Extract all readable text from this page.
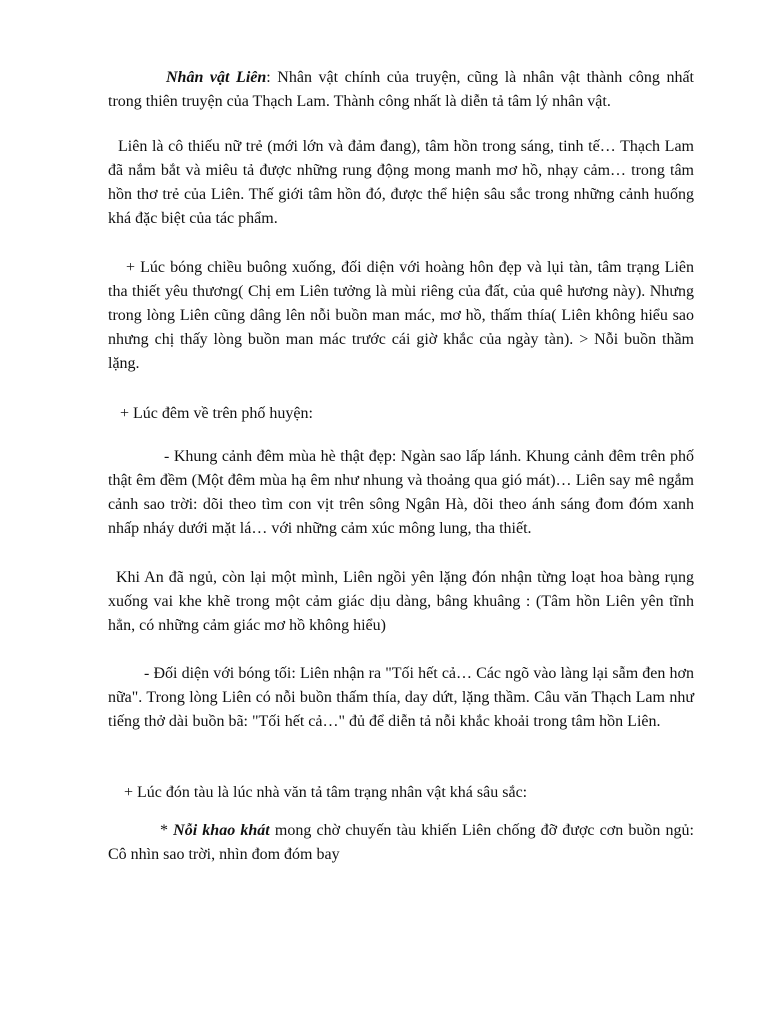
Nhân vật Liên: Nhân vật chính của truyện, cũng là nhân vật thành công nhất trong thiên truyện của Thạch Lam. Thành công nhất là diễn tả tâm lý nhân vật.

Liên là cô thiếu nữ trẻ (mới lớn và đảm đang), tâm hồn trong sáng, tinh tế… Thạch Lam đã nắm bắt và miêu tả được những rung động mong manh mơ hồ, nhạy cảm… trong tâm hồn thơ trẻ của Liên. Thế giới tâm hồn đó, được thể hiện sâu sắc trong những cảnh huống khá đặc biệt của tác phẩm.

+ Lúc bóng chiều buông xuống, đối diện với hoàng hôn đẹp và lụi tàn, tâm trạng Liên tha thiết yêu thương( Chị em Liên tưởng là mùi riêng của đất, của quê hương này). Nhưng trong lòng Liên cũng dâng lên nỗi buồn man mác, mơ hồ, thấm thía( Liên không hiểu sao nhưng chị thấy lòng buồn man mác trước cái giờ khắc của ngày tàn). > Nỗi buồn thầm lặng.

+ Lúc đêm về trên phố huyện:

- Khung cảnh đêm mùa hè thật đẹp: Ngàn sao lấp lánh. Khung cảnh đêm trên phố thật êm đềm (Một đêm mùa hạ êm như nhung và thoảng qua gió mát)… Liên say mê ngắm cảnh sao trời: dõi theo tìm con vịt trên sông Ngân Hà, dõi theo ánh sáng đom đóm xanh nhấp nháy dưới mặt lá… với những cảm xúc mông lung, tha thiết.

Khi An đã ngủ, còn lại một mình, Liên ngồi yên lặng đón nhận từng loạt hoa bàng rụng xuống vai khe khẽ trong một cảm giác dịu dàng, bâng khuâng : (Tâm hồn Liên yên tĩnh hẳn, có những cảm giác mơ hồ không hiểu)

- Đối diện với bóng tối: Liên nhận ra "Tối hết cả… Các ngõ vào làng lại sẫm đen hơn nữa". Trong lòng Liên có nỗi buồn thấm thía, day dứt, lặng thầm. Câu văn Thạch Lam như tiếng thở dài buồn bã: "Tối hết cả…" đủ để diễn tả nỗi khắc khoải trong tâm hồn Liên.

+ Lúc đón tàu là lúc nhà văn tả tâm trạng nhân vật khá sâu sắc:

* Nỗi khao khát mong chờ chuyến tàu khiến Liên chống đỡ được cơn buồn ngủ: Cô nhìn sao trời, nhìn đom đóm bay
